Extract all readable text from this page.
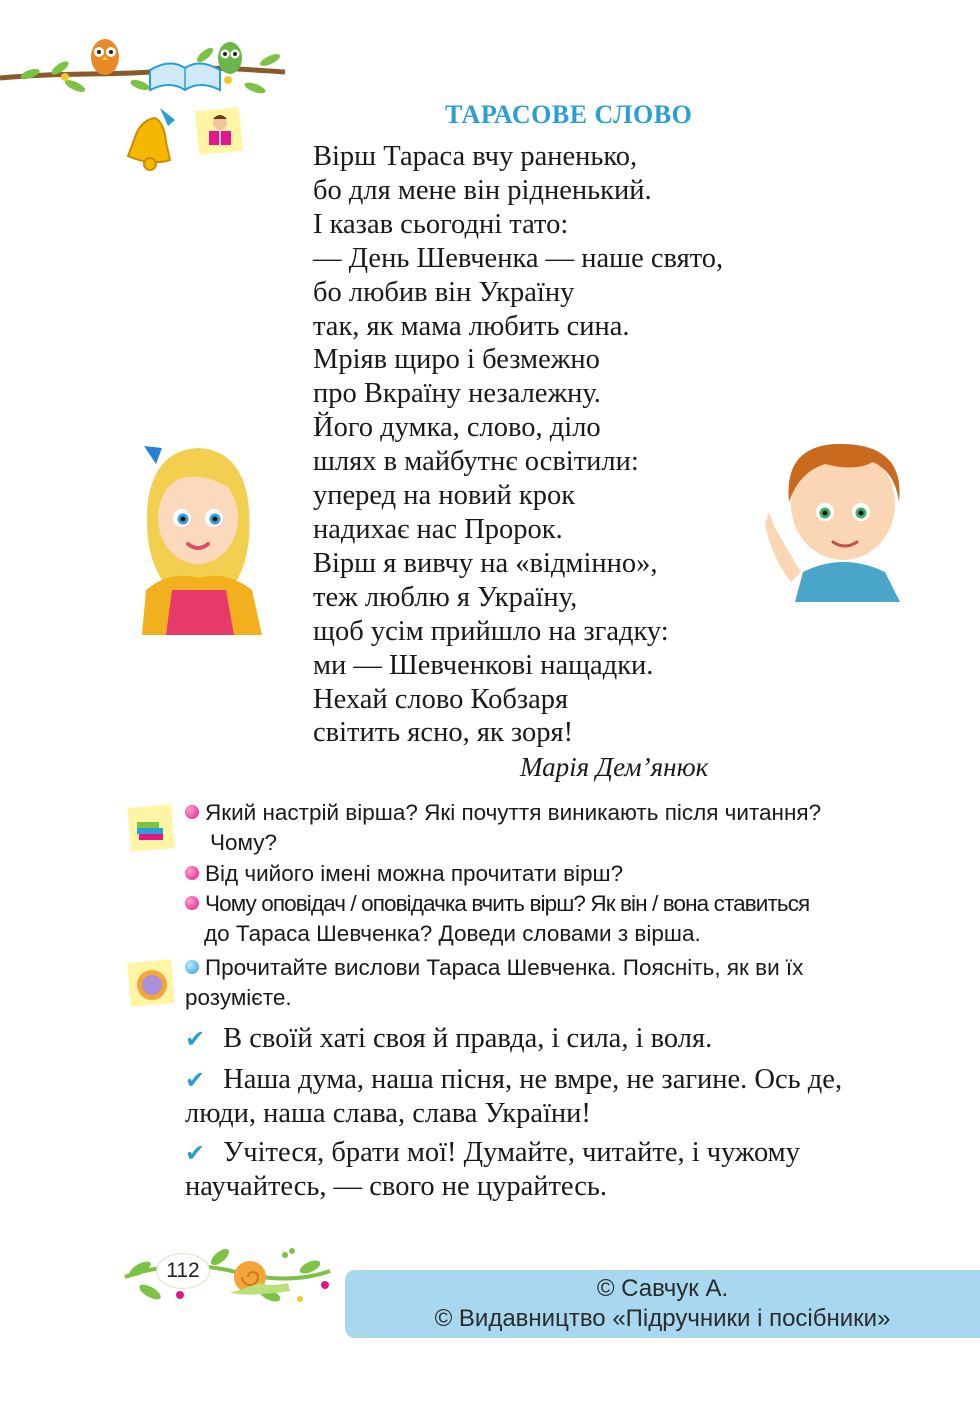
ТАРАСОВЕ СЛОВО
Вірш Тараса вчу раненько,
бо для мене він рідненький.
І казав сьогодні тато:
— День Шевченка — наше свято,
бо любив він Україну
так, як мама любить сина.
Мріяв щиро і безмежно
про Вкраїну незалежну.
Його думка, слово, діло
шлях в майбутнє освітили:
уперед на новий крок
надихає нас Пророк.
Вірш я вивчу на «відмінно»,
теж люблю я Україну,
щоб усім прийшло на згадку:
ми — Шевченкові нащадки.
Нехай слово Кобзаря
світить ясно, як зоря!
Марія Дем’янюк
Який настрій вірша? Які почуття виникають після читання?
Чому?
Від чийого імені можна прочитати вірш?
Чому оповідач / оповідачка вчить вірш? Як він / вона ставиться
до Тараса Шевченка? Доведи словами з вірша.
Прочитайте вислови Тараса Шевченка. Поясніть, як ви їх
розумієте.
✔ В своїй хаті своя й правда, і сила, і воля.
✔ Наша дума, наша пісня, не вмре, не загине. Ось де, люди, наша слава, слава України!
✔ Учітеся, брати мої! Думайте, читайте, і чужому научайтесь, — свого не цурайтесь.
112
© Савчук А.
© Видавництво «Підручники і посібники»
